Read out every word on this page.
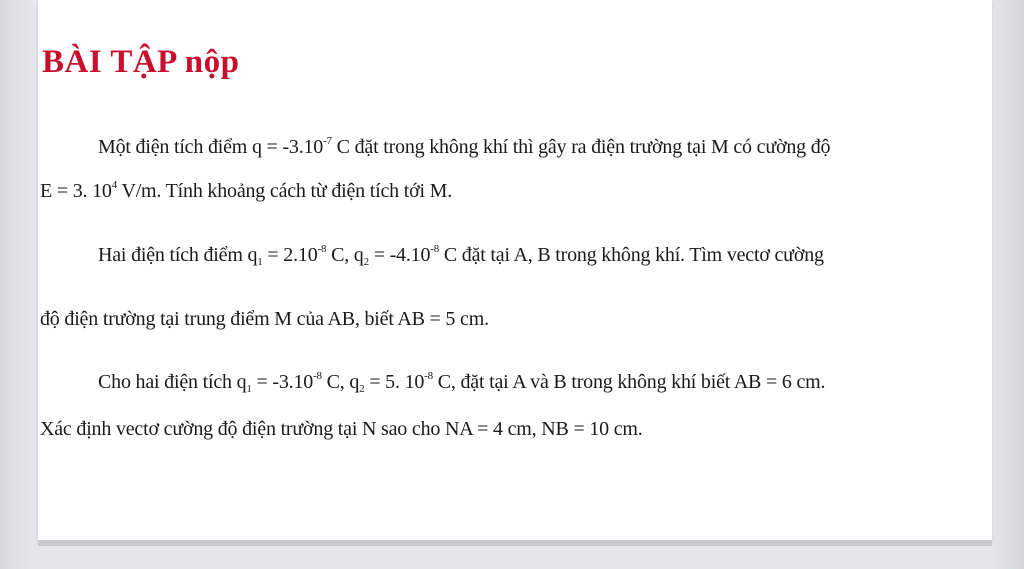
BÀI TẬP nộp
Một điện tích điểm $q = -3.10^{-7}$ C đặt trong không khí thì gây ra điện trường tại M có cường độ
E = 3. $10^4$ V/m. Tính khoảng cách từ điện tích tới M.
Hai điện tích điểm $q_1 = 2.10^{-8}$ C, $q_2 = -4.10^{-8}$ C đặt tại A, B trong không khí. Tìm vectơ cường
độ điện trường tại trung điểm M của AB, biết AB = 5 cm.
Cho hai điện tích $q_1 = -3.10^{-8}$ C, $q_2 = 5$. $10^{-8}$ C, đặt tại A và B trong không khí biết AB = 6 cm.
Xác định vectơ cường độ điện trường tại N sao cho NA = 4 cm, NB = 10 cm.
